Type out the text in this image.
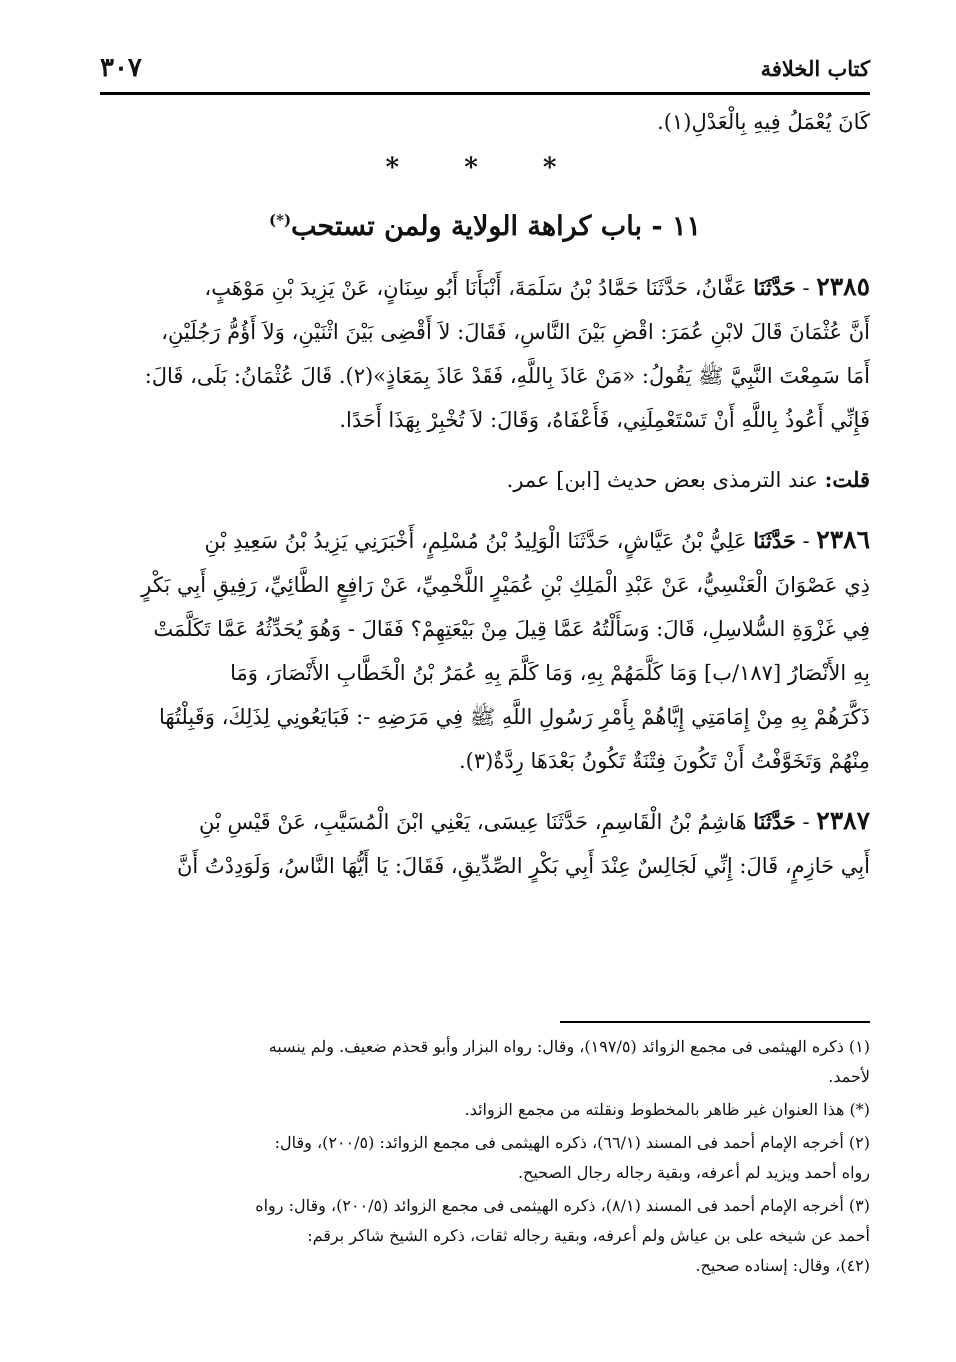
كتاب الخلافة
٣٠٧

كَانَ يُعْمَلُ فِيهِ بِالْعَدْلِ(١).

* * *
١١ - باب كراهة الولاية ولمن تستحب(*)

٢٣٨٥ - حَدَّثَنَا عَفَّانُ، حَدَّثَنَا حَمَّادُ بْنُ سَلَمَةَ، أَنْبَأَنَا أَبُو سِنَانٍ، عَنْ يَزِيدَ بْنِ مَوْهَبٍ،

أَنَّ عُثْمَانَ قَالَ لابْنِ عُمَرَ: اقْضِ بَيْنَ النَّاسِ، فَقَالَ: لاَ أَقْضِى بَيْنَ اثْنَيْنِ، وَلاَ أَؤُمُّ رَجُلَيْنِ،

أَمَا سَمِعْتَ النَّبِيَّ ﷺ يَقُولُ: «مَنْ عَاذَ بِاللَّهِ، فَقَدْ عَاذَ بِمَعَاذٍ»(٢). قَالَ عُثْمَانُ: بَلَى، قَالَ:

فَإِنِّي أَعُوذُ بِاللَّهِ أَنْ تَسْتَعْمِلَنِي، فَأَعْفَاهُ، وَقَالَ: لاَ تُخْبِرْ بِهَذَا أَحَدًا.

قلت: عند الترمذى بعض حديث [ابن] عمر.

٢٣٨٦ - حَدَّثَنَا عَلِيُّ بْنُ عَيَّاشٍ، حَدَّثَنَا الْوَلِيدُ بْنُ مُسْلِمٍ، أَخْبَرَنِي يَزِيدُ بْنُ سَعِيدِ بْنِ

ذِي عَصْوَانَ الْعَنْسِيُّ، عَنْ عَبْدِ الْمَلِكِ بْنِ عُمَيْرٍ اللَّخْمِيِّ، عَنْ رَافِعٍ الطَّائِيِّ، رَفِيقِ أَبِي بَكْرٍ

فِي غَزْوَةِ السُّلاسِلِ، قَالَ: وَسَأَلْتُهُ عَمَّا قِيلَ مِنْ بَيْعَتِهِمْ؟ فَقَالَ - وَهُوَ يُحَدِّثُهُ عَمَّا تَكَلَّمَتْ

بِهِ الأَنْصَارُ [١٨٧/ب] وَمَا كَلَّمَهُمْ بِهِ، وَمَا كَلَّمَ بِهِ عُمَرُ بْنُ الْخَطَّابِ الأَنْصَارَ، وَمَا

ذَكَّرَهُمْ بِهِ مِنْ إِمَامَتِي إِيَّاهُمْ بِأَمْرِ رَسُولِ اللَّهِ ﷺ فِي مَرَضِهِ -: فَبَايَعُونِي لِذَلِكَ، وَقَبِلْتُهَا

مِنْهُمْ وَتَخَوَّفْتُ أَنْ تَكُونَ فِتْنَةٌ تَكُونُ بَعْدَهَا رِدَّةٌ(٣).

٢٣٨٧ - حَدَّثَنَا هَاشِمُ بْنُ الْقَاسِمِ، حَدَّثَنَا عِيسَى، يَعْنِي ابْنَ الْمُسَيَّبِ، عَنْ قَيْسِ بْنِ

أَبِي حَازِمٍ، قَالَ: إِنِّي لَجَالِسٌ عِنْدَ أَبِي بَكْرٍ الصِّدِّيقِ، فَقَالَ: يَا أَيُّهَا النَّاسُ، وَلَوَدِدْتُ أَنَّ

(١) ذكره الهيثمى فى مجمع الزوائد (١٩٧/٥)، وقال: رواه البزار وأبو قحذم ضعيف. ولم ينسبه
لأحمد.
(*) هذا العنوان غير ظاهر بالمخطوط ونقلته من مجمع الزوائد.
(٢) أخرجه الإمام أحمد فى المسند (٦٦/١)، ذكره الهيثمى فى مجمع الزوائد: (٢٠٠/٥)، وقال:
رواه أحمد ويزيد لم أعرفه، وبقية رجاله رجال الصحيح.
(٣) أخرجه الإمام أحمد فى المسند (٨/١)، ذكره الهيثمى فى مجمع الزوائد (٢٠٠/٥)، وقال: رواه
أحمد عن شيخه على بن عياش ولم أعرفه، وبقية رجاله ثقات، ذكره الشيخ شاكر برقم:
(٤٢)، وقال: إسناده صحيح.
